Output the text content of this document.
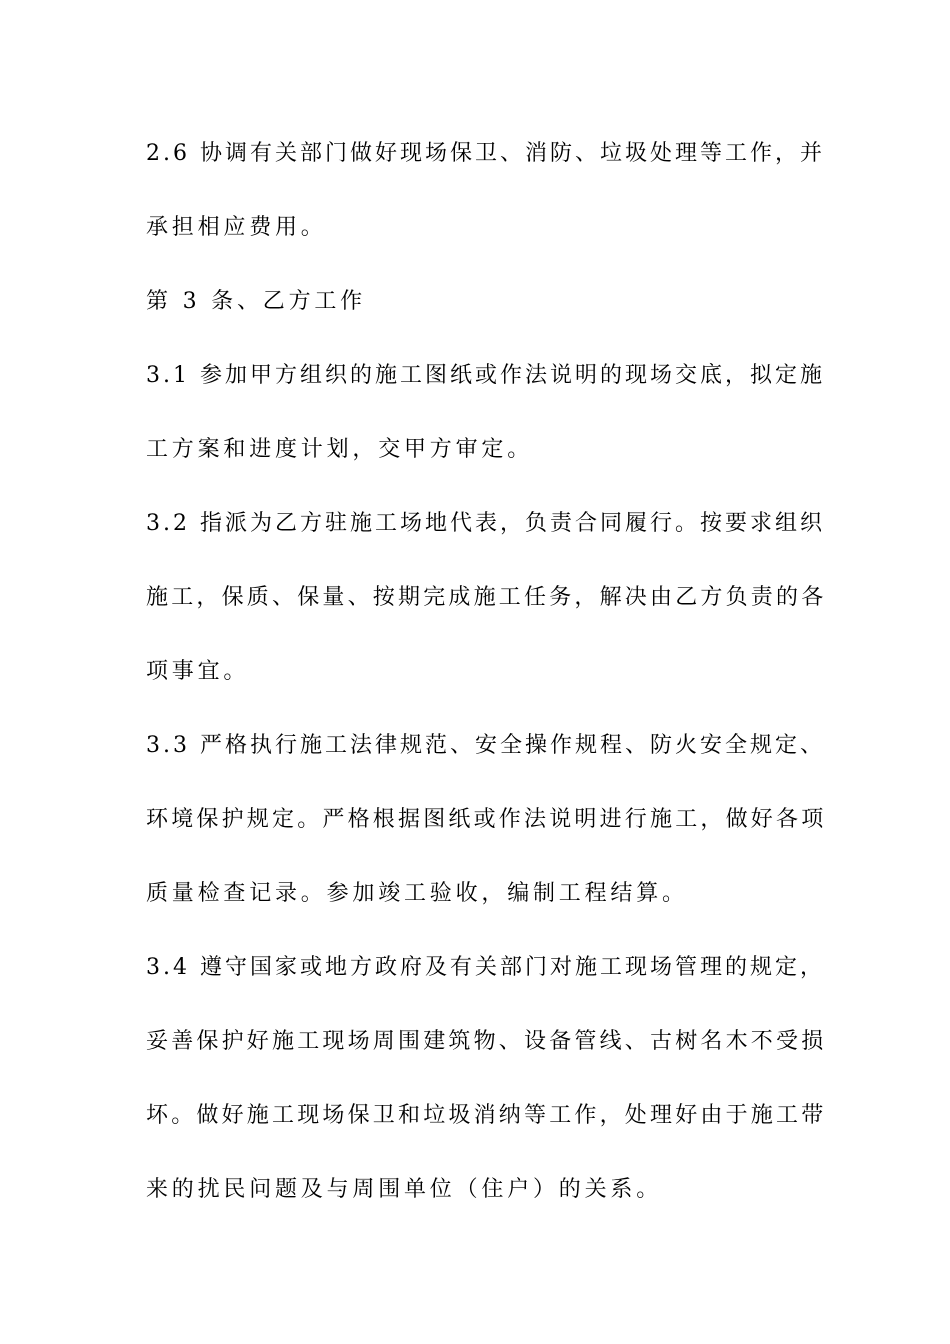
2.6 协调有关部门做好现场保卫、消防、垃圾处理等工作，并
承担相应费用。
第 3 条、乙方工作
3.1 参加甲方组织的施工图纸或作法说明的现场交底，拟定施
工方案和进度计划，交甲方审定。
3.2 指派为乙方驻施工场地代表，负责合同履行。按要求组织
施工，保质、保量、按期完成施工任务，解决由乙方负责的各
项事宜。
3.3 严格执行施工法律规范、安全操作规程、防火安全规定、
环境保护规定。严格根据图纸或作法说明进行施工，做好各项
质量检查记录。参加竣工验收，编制工程结算。
3.4 遵守国家或地方政府及有关部门对施工现场管理的规定，
妥善保护好施工现场周围建筑物、设备管线、古树名木不受损
坏。做好施工现场保卫和垃圾消纳等工作，处理好由于施工带
来的扰民问题及与周围单位（住户）的关系。
